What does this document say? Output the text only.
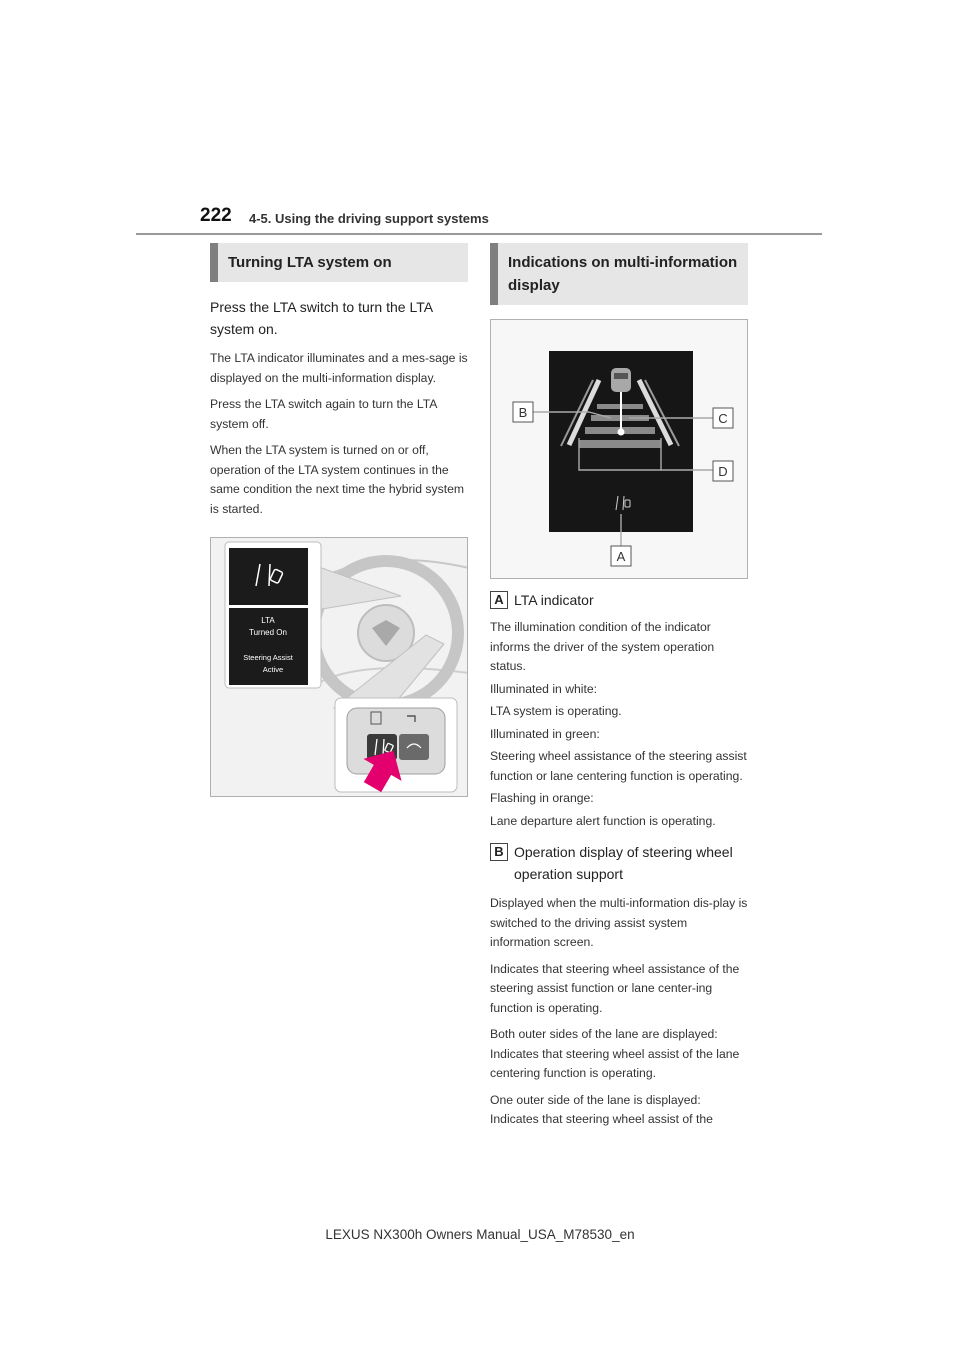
222 4-5. Using the driving support systems
Turning LTA system on
Press the LTA switch to turn the LTA system on.
The LTA indicator illuminates and a mes-sage is displayed on the multi-information display.
Press the LTA switch again to turn the LTA system off.
When the LTA system is turned on or off, operation of the LTA system continues in the same condition the next time the hybrid system is started.
LTA
Turned On
Steering Assist
Active
Indications on multi-information display
B	C
D
A
A LTA indicator
The illumination condition of the indicator informs the driver of the system operation status.
Illuminated in white:
LTA system is operating.
Illuminated in green:
Steering wheel assistance of the steering assist function or lane centering function is operating.
Flashing in orange:
Lane departure alert function is operating.
B Operation display of steering wheel operation support
Displayed when the multi-information dis-play is switched to the driving assist system information screen.
Indicates that steering wheel assistance of the steering assist function or lane center-ing function is operating.
Both outer sides of the lane are displayed: Indicates that steering wheel assist of the lane centering function is operating.
One outer side of the lane is displayed: Indicates that steering wheel assist of the
LEXUS NX300h Owners Manual_USA_M78530_en
